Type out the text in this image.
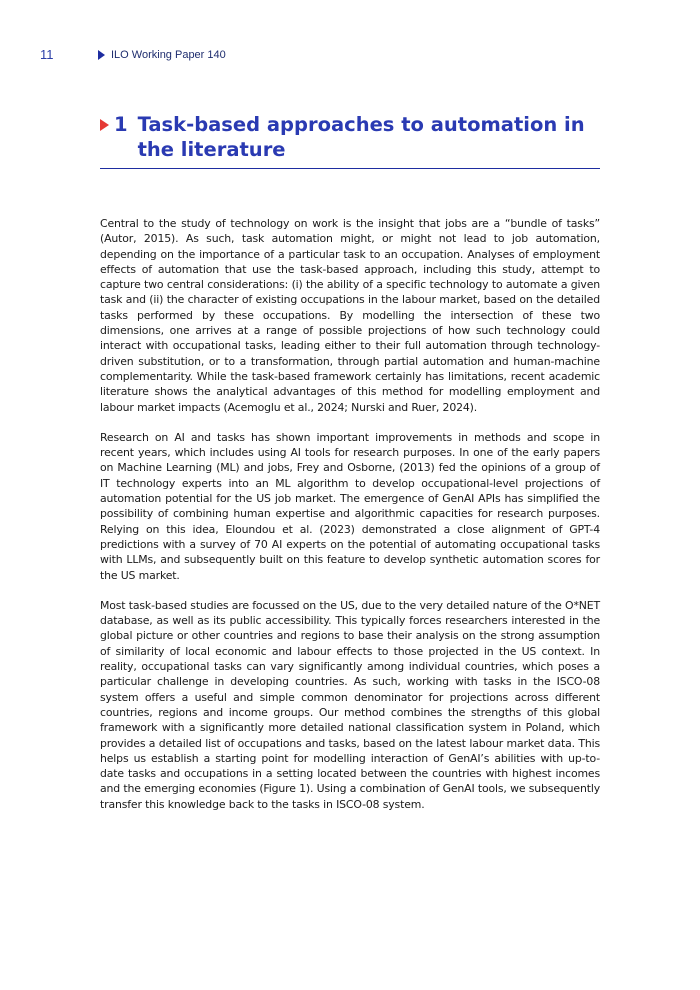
11	ILO Working Paper 140
1 Task-based approaches to automation in the literature

Central to the study of technology on work is the insight that jobs are a “bundle of tasks” (Autor, 2015). As such, task automation might, or might not lead to job automation, depending on the importance of a particular task to an occupation. Analyses of employment effects of automation that use the task-based approach, including this study, attempt to capture two central considerations: (i) the ability of a specific technology to automate a given task and (ii) the character of existing occupations in the labour market, based on the detailed tasks performed by these occupations. By modelling the intersection of these two dimensions, one arrives at a range of possible projections of how such technology could interact with occupational tasks, leading either to their full automation through technology-driven substitution, or to a transformation, through partial automation and human-machine complementarity. While the task-based framework certainly has limitations, recent academic literature shows the analytical advantages of this method for modelling employment and labour market impacts (Acemoglu et al., 2024; Nurski and Ruer, 2024).

Research on AI and tasks has shown important improvements in methods and scope in recent years, which includes using AI tools for research purposes. In one of the early papers on Machine Learning (ML) and jobs, Frey and Osborne, (2013) fed the opinions of a group of IT technology experts into an ML algorithm to develop occupational-level projections of automation potential for the US job market. The emergence of GenAI APIs has simplified the possibility of combining human expertise and algorithmic capacities for research purposes. Relying on this idea, Eloundou et al. (2023) demonstrated a close alignment of GPT-4 predictions with a survey of 70 AI experts on the potential of automating occupational tasks with LLMs, and subsequently built on this feature to develop synthetic automation scores for the US market.

Most task-based studies are focussed on the US, due to the very detailed nature of the O*NET database, as well as its public accessibility. This typically forces researchers interested in the global picture or other countries and regions to base their analysis on the strong assumption of similarity of local economic and labour effects to those projected in the US context. In reality, occupational tasks can vary significantly among individual countries, which poses a particular challenge in developing countries. As such, working with tasks in the ISCO-08 system offers a useful and simple common denominator for projections across different countries, regions and income groups. Our method combines the strengths of this global framework with a significantly more detailed national classification system in Poland, which provides a detailed list of occupations and tasks, based on the latest labour market data. This helps us establish a starting point for modelling interaction of GenAI’s abilities with up-to-date tasks and occupations in a setting located between the countries with highest incomes and the emerging economies (Figure 1). Using a combination of GenAI tools, we subsequently transfer this knowledge back to the tasks in ISCO-08 system.
